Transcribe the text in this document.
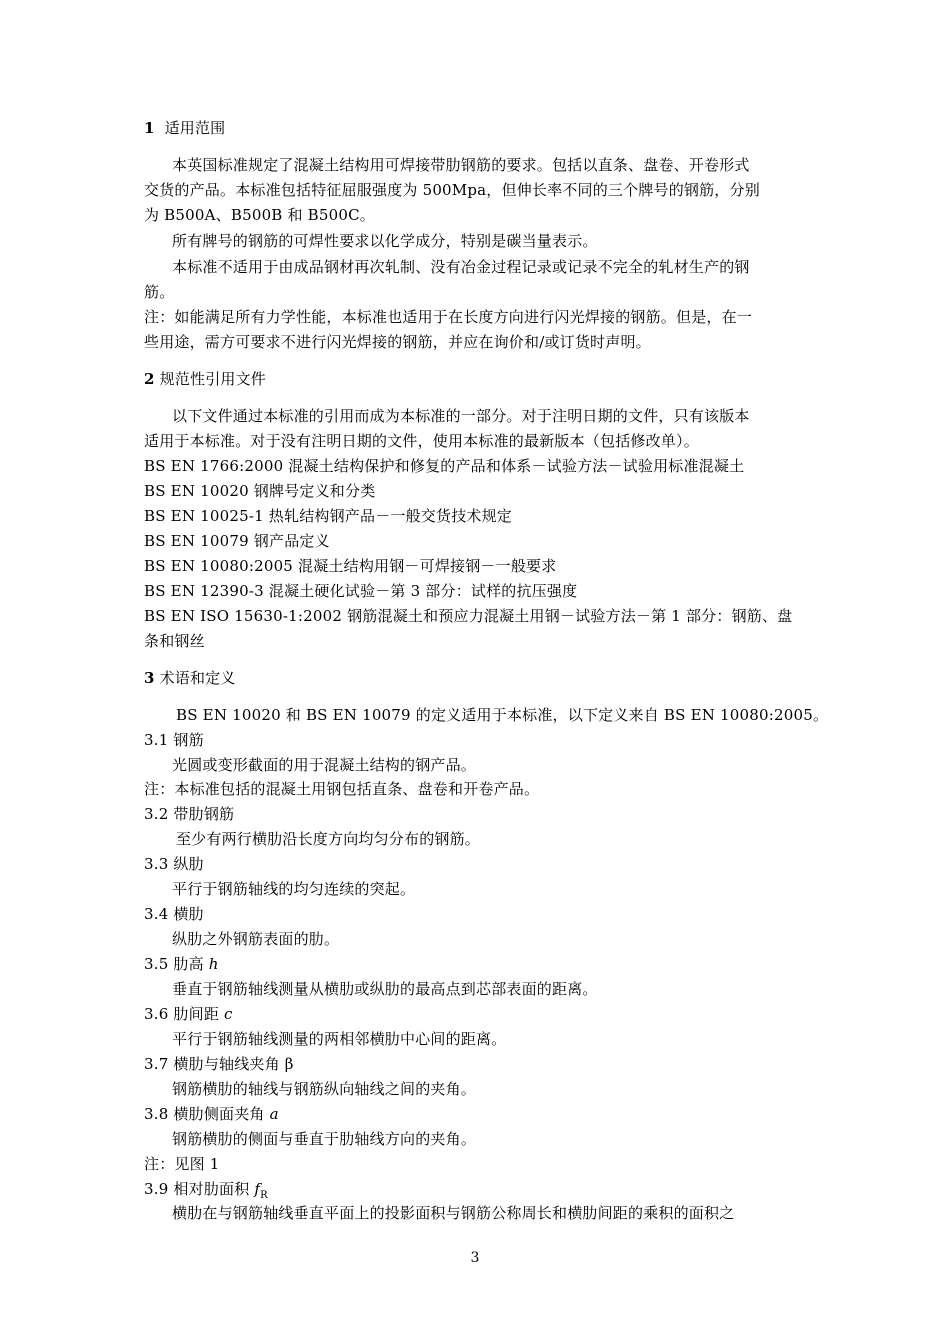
1 适用范围
本英国标准规定了混凝土结构用可焊接带肋钢筋的要求。包括以直条、盘卷、开卷形式
交货的产品。本标准包括特征屈服强度为 500Mpa，但伸长率不同的三个牌号的钢筋，分别
为 B500A、B500B 和 B500C。
所有牌号的钢筋的可焊性要求以化学成分，特别是碳当量表示。
本标准不适用于由成品钢材再次轧制、没有冶金过程记录或记录不完全的轧材生产的钢
筋。
注：如能满足所有力学性能，本标准也适用于在长度方向进行闪光焊接的钢筋。但是，在一
些用途，需方可要求不进行闪光焊接的钢筋，并应在询价和/或订货时声明。
2 规范性引用文件
以下文件通过本标准的引用而成为本标准的一部分。对于注明日期的文件，只有该版本
适用于本标准。对于没有注明日期的文件，使用本标准的最新版本（包括修改单）。
BS EN 1766:2000 混凝土结构保护和修复的产品和体系－试验方法－试验用标准混凝土
BS EN 10020 钢牌号定义和分类
BS EN 10025-1 热轧结构钢产品－一般交货技术规定
BS EN 10079 钢产品定义
BS EN 10080:2005 混凝土结构用钢－可焊接钢－一般要求
BS EN 12390-3 混凝土硬化试验－第 3 部分：试样的抗压强度
BS EN ISO 15630-1:2002 钢筋混凝土和预应力混凝土用钢－试验方法－第 1 部分：钢筋、盘
条和钢丝
3 术语和定义
BS EN 10020 和 BS EN 10079 的定义适用于本标准，以下定义来自 BS EN 10080:2005。
3.1 钢筋
光圆或变形截面的用于混凝土结构的钢产品。
注：本标准包括的混凝土用钢包括直条、盘卷和开卷产品。
3.2 带肋钢筋
至少有两行横肋沿长度方向均匀分布的钢筋。
3.3 纵肋
平行于钢筋轴线的均匀连续的突起。
3.4 横肋
纵肋之外钢筋表面的肋。
3.5 肋高 h
垂直于钢筋轴线测量从横肋或纵肋的最高点到芯部表面的距离。
3.6 肋间距 c
平行于钢筋轴线测量的两相邻横肋中心间的距离。
3.7 横肋与轴线夹角 β
钢筋横肋的轴线与钢筋纵向轴线之间的夹角。
3.8 横肋侧面夹角 a
钢筋横肋的侧面与垂直于肋轴线方向的夹角。
注：见图 1
3.9 相对肋面积 $f_R$
横肋在与钢筋轴线垂直平面上的投影面积与钢筋公称周长和横肋间距的乘积的面积之
3
